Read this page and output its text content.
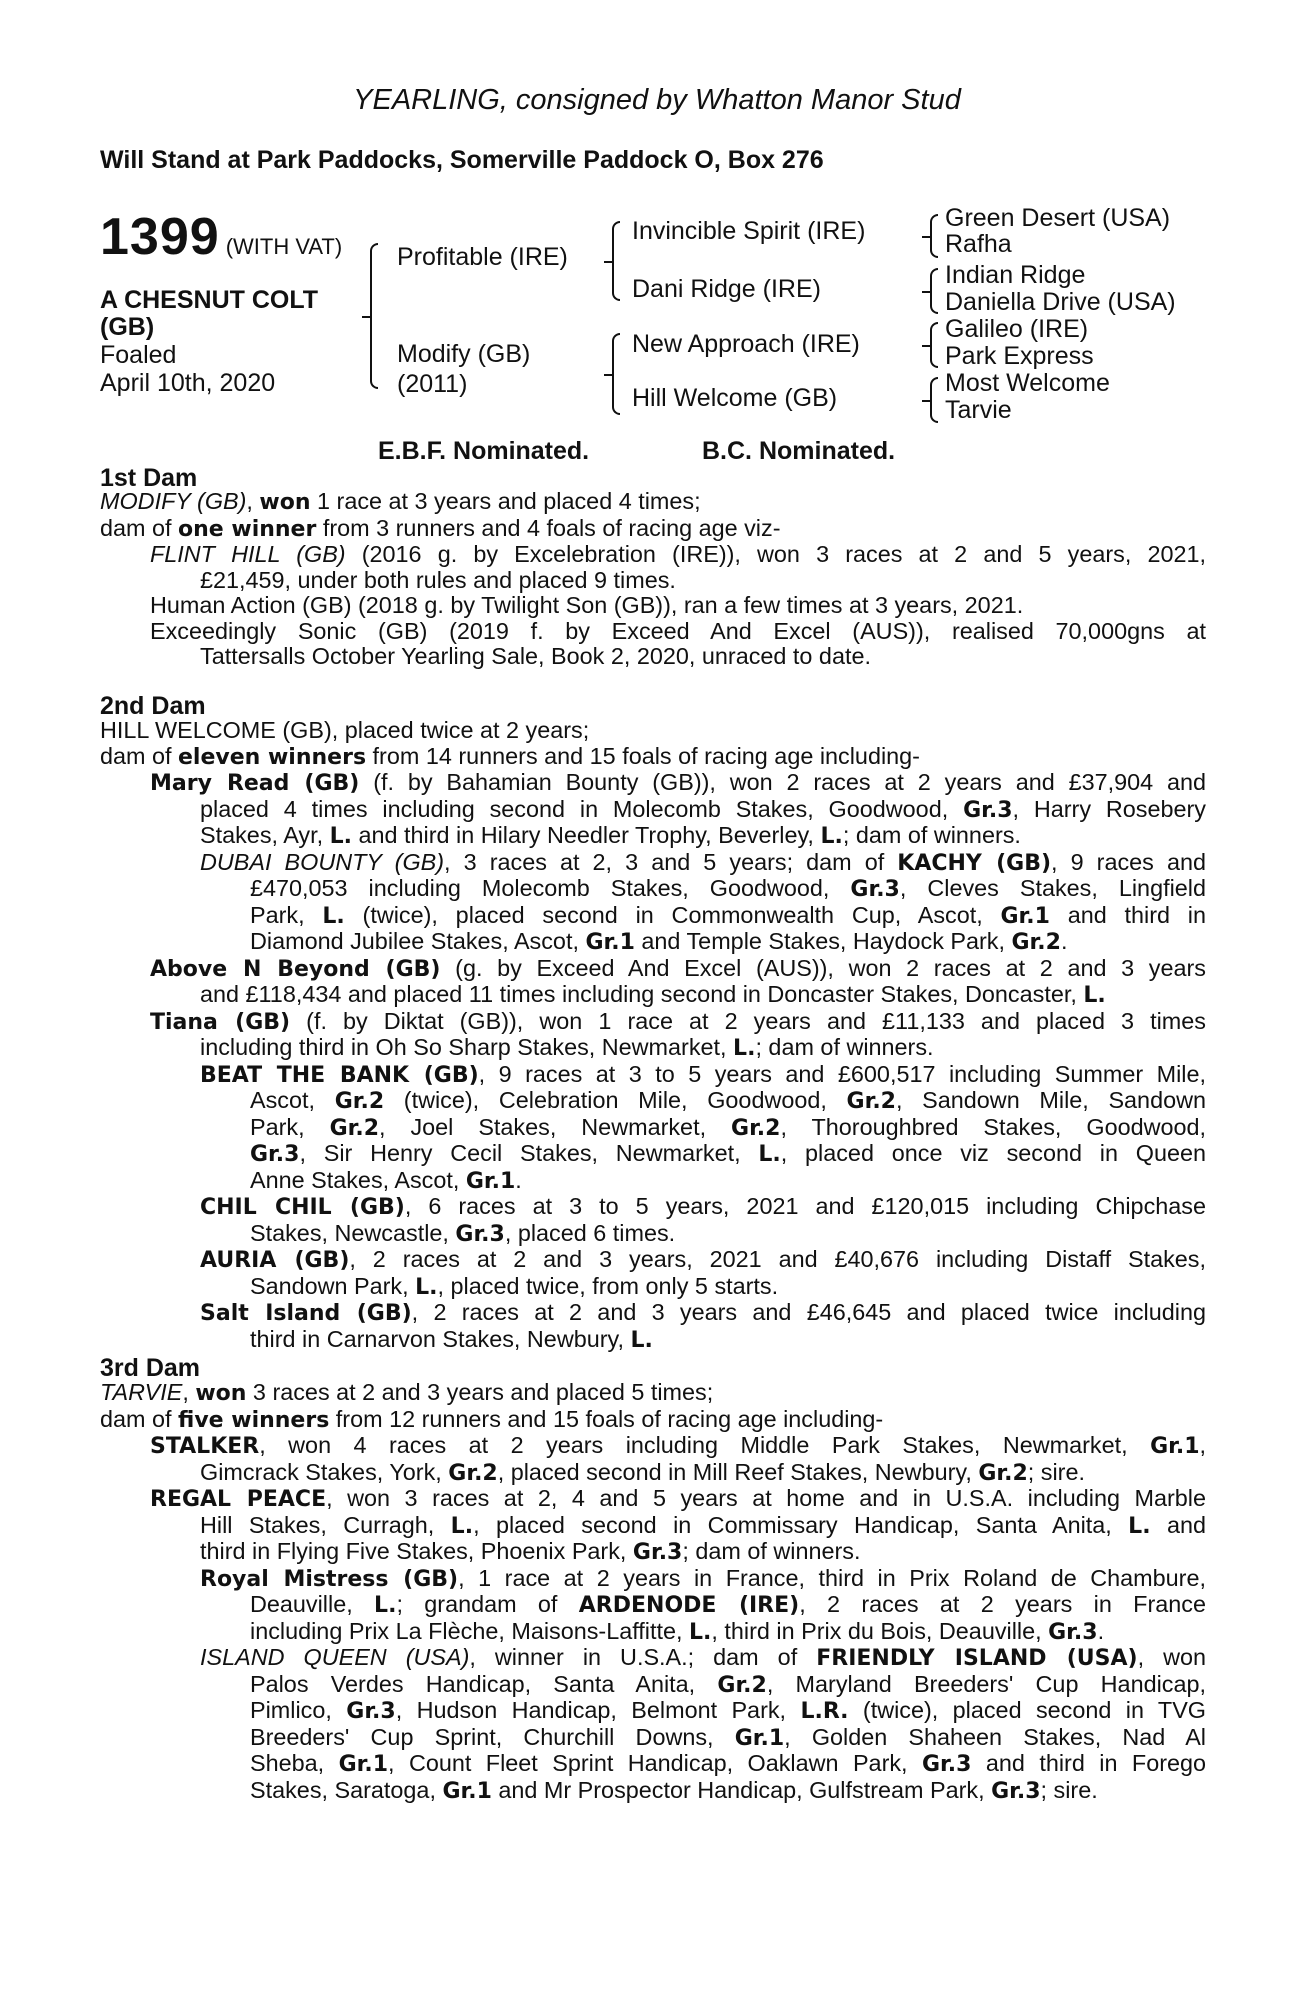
YEARLING, consigned by Whatton Manor Stud
Will Stand at Park Paddocks, Somerville Paddock O, Box 276
1399 (WITH VAT)
A CHESNUT COLT
(GB)
Foaled
April 10th, 2020
Profitable (IRE)
Modify (GB)
(2011)
Invincible Spirit (IRE)
Dani Ridge (IRE)
New Approach (IRE)
Hill Welcome (GB)
Green Desert (USA)
Rafha
Indian Ridge
Daniella Drive (USA)
Galileo (IRE)
Park Express
Most Welcome
Tarvie
E.B.F. Nominated.	B.C. Nominated.
1st Dam
MODIFY (GB), won 1 race at 3 years and placed 4 times;
dam of one winner from 3 runners and 4 foals of racing age viz-
FLINT HILL (GB) (2016 g. by Excelebration (IRE)), won 3 races at 2 and 5 years, 2021,
£21,459, under both rules and placed 9 times.
Human Action (GB) (2018 g. by Twilight Son (GB)), ran a few times at 3 years, 2021.
Exceedingly Sonic (GB) (2019 f. by Exceed And Excel (AUS)), realised 70,000gns at
Tattersalls October Yearling Sale, Book 2, 2020, unraced to date.
2nd Dam
HILL WELCOME (GB), placed twice at 2 years;
dam of eleven winners from 14 runners and 15 foals of racing age including-
Mary Read (GB) (f. by Bahamian Bounty (GB)), won 2 races at 2 years and £37,904 and
placed 4 times including second in Molecomb Stakes, Goodwood, Gr.3, Harry Rosebery
Stakes, Ayr, L. and third in Hilary Needler Trophy, Beverley, L.; dam of winners.
DUBAI BOUNTY (GB), 3 races at 2, 3 and 5 years; dam of KACHY (GB), 9 races and
£470,053 including Molecomb Stakes, Goodwood, Gr.3, Cleves Stakes, Lingfield
Park, L. (twice), placed second in Commonwealth Cup, Ascot, Gr.1 and third in
Diamond Jubilee Stakes, Ascot, Gr.1 and Temple Stakes, Haydock Park, Gr.2.
Above N Beyond (GB) (g. by Exceed And Excel (AUS)), won 2 races at 2 and 3 years
and £118,434 and placed 11 times including second in Doncaster Stakes, Doncaster, L.
Tiana (GB) (f. by Diktat (GB)), won 1 race at 2 years and £11,133 and placed 3 times
including third in Oh So Sharp Stakes, Newmarket, L.; dam of winners.
BEAT THE BANK (GB), 9 races at 3 to 5 years and £600,517 including Summer Mile,
Ascot, Gr.2 (twice), Celebration Mile, Goodwood, Gr.2, Sandown Mile, Sandown
Park, Gr.2, Joel Stakes, Newmarket, Gr.2, Thoroughbred Stakes, Goodwood,
Gr.3, Sir Henry Cecil Stakes, Newmarket, L., placed once viz second in Queen
Anne Stakes, Ascot, Gr.1.
CHIL CHIL (GB), 6 races at 3 to 5 years, 2021 and £120,015 including Chipchase
Stakes, Newcastle, Gr.3, placed 6 times.
AURIA (GB), 2 races at 2 and 3 years, 2021 and £40,676 including Distaff Stakes,
Sandown Park, L., placed twice, from only 5 starts.
Salt Island (GB), 2 races at 2 and 3 years and £46,645 and placed twice including
third in Carnarvon Stakes, Newbury, L.
3rd Dam
TARVIE, won 3 races at 2 and 3 years and placed 5 times;
dam of five winners from 12 runners and 15 foals of racing age including-
STALKER, won 4 races at 2 years including Middle Park Stakes, Newmarket, Gr.1,
Gimcrack Stakes, York, Gr.2, placed second in Mill Reef Stakes, Newbury, Gr.2; sire.
REGAL PEACE, won 3 races at 2, 4 and 5 years at home and in U.S.A. including Marble
Hill Stakes, Curragh, L., placed second in Commissary Handicap, Santa Anita, L. and
third in Flying Five Stakes, Phoenix Park, Gr.3; dam of winners.
Royal Mistress (GB), 1 race at 2 years in France, third in Prix Roland de Chambure,
Deauville, L.; grandam of ARDENODE (IRE), 2 races at 2 years in France
including Prix La Flèche, Maisons-Laffitte, L., third in Prix du Bois, Deauville, Gr.3.
ISLAND QUEEN (USA), winner in U.S.A.; dam of FRIENDLY ISLAND (USA), won
Palos Verdes Handicap, Santa Anita, Gr.2, Maryland Breeders' Cup Handicap,
Pimlico, Gr.3, Hudson Handicap, Belmont Park, L.R. (twice), placed second in TVG
Breeders' Cup Sprint, Churchill Downs, Gr.1, Golden Shaheen Stakes, Nad Al
Sheba, Gr.1, Count Fleet Sprint Handicap, Oaklawn Park, Gr.3 and third in Forego
Stakes, Saratoga, Gr.1 and Mr Prospector Handicap, Gulfstream Park, Gr.3; sire.
